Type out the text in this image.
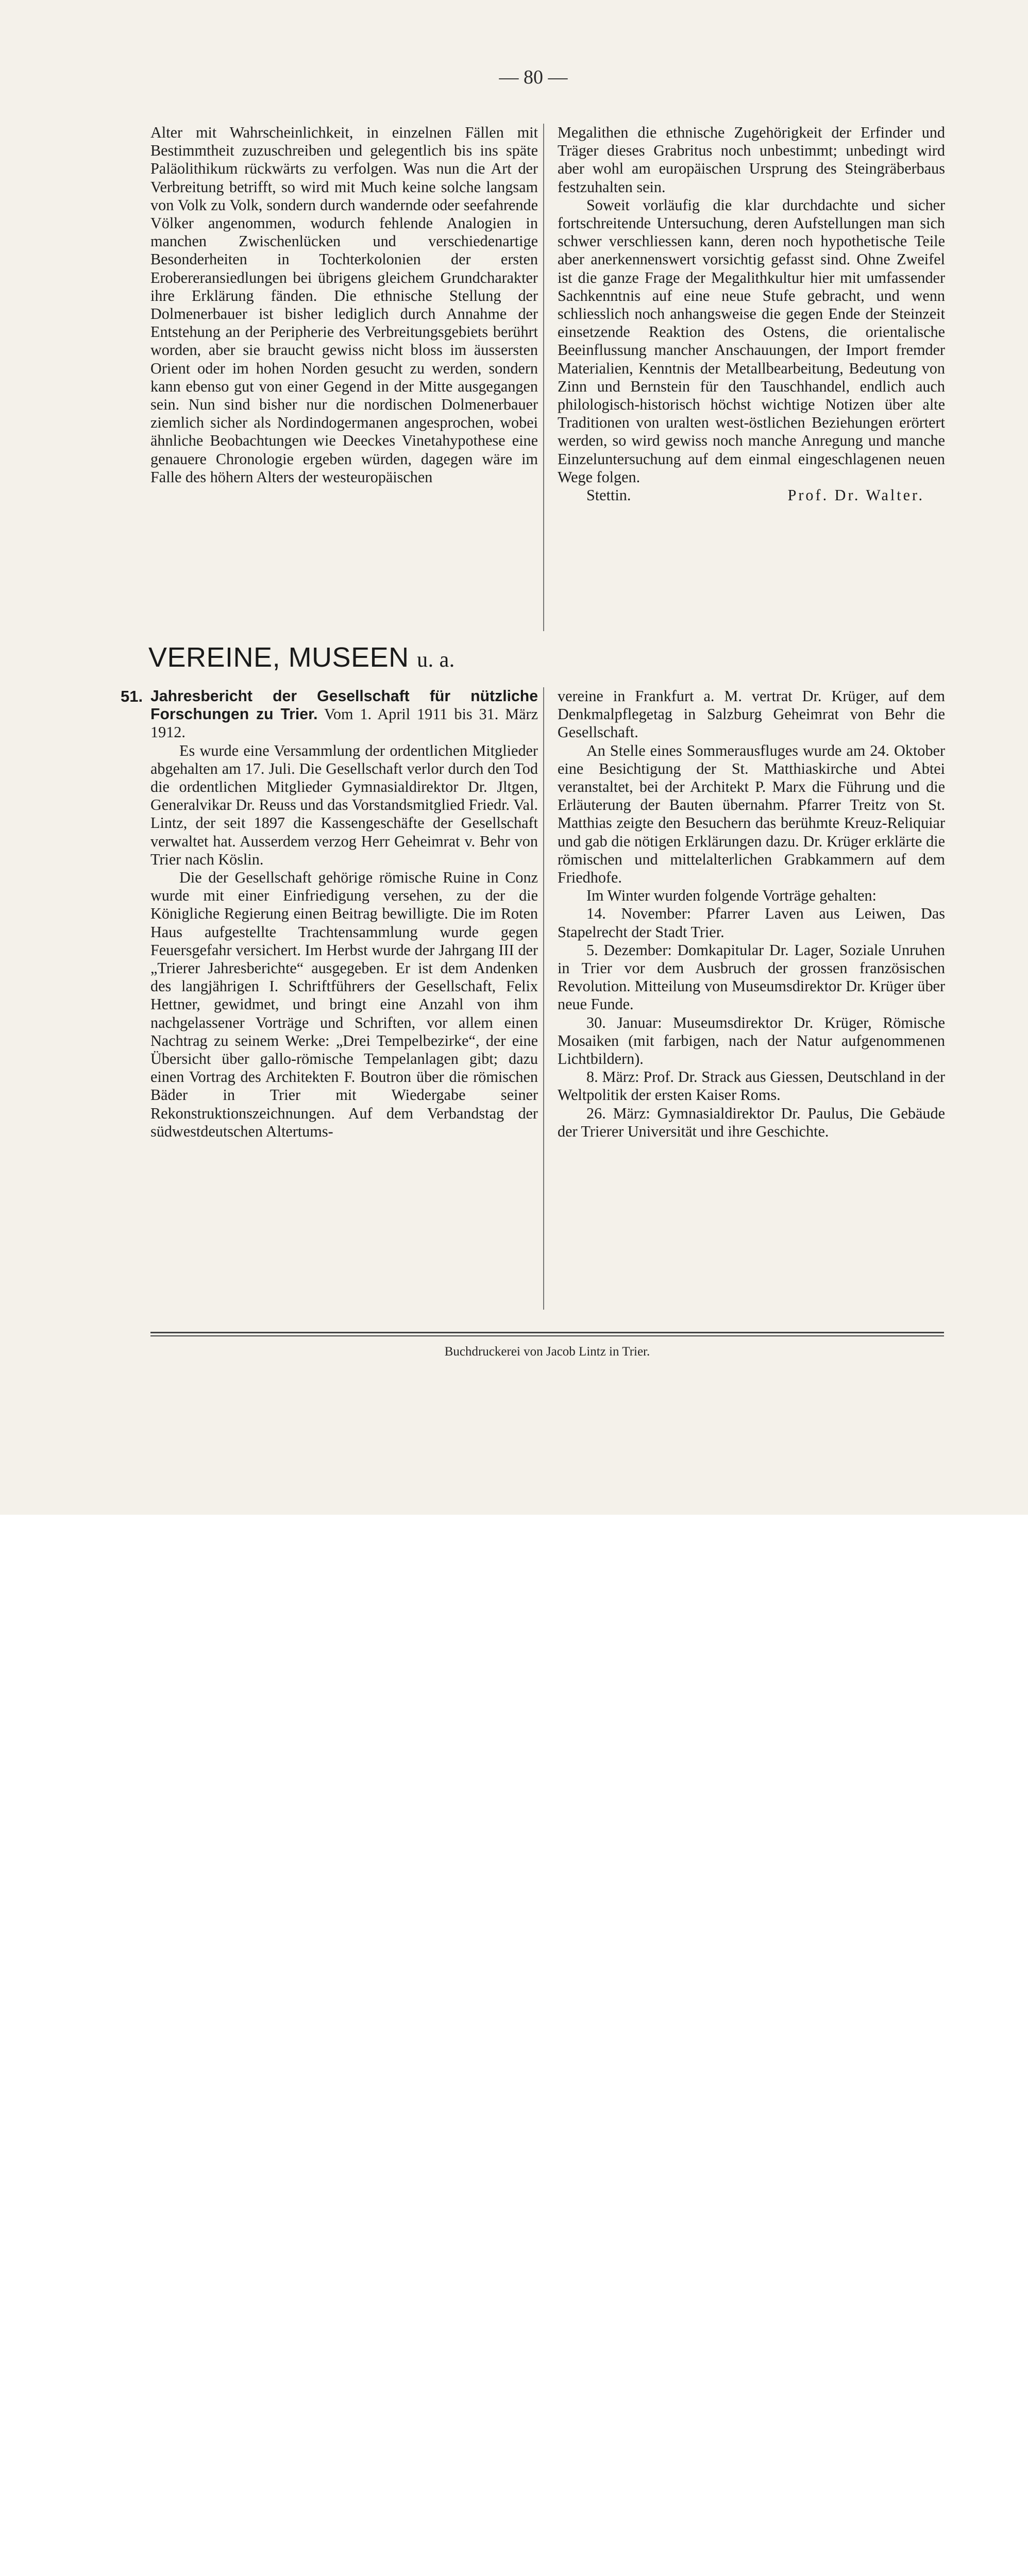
— 80 —

Alter mit Wahrscheinlichkeit, in einzelnen Fällen mit Bestimmtheit zuzuschreiben und gelegentlich bis ins späte Paläolithikum rückwärts zu verfolgen. Was nun die Art der Verbreitung betrifft, so wird mit Much keine solche langsam von Volk zu Volk, sondern durch wandernde oder seefahrende Völker angenommen, wodurch fehlende Analogien in manchen Zwischenlücken und verschiedenartige Besonderheiten in Tochterkolonien der ersten Erobereransiedlungen bei übrigens gleichem Grundcharakter ihre Erklärung fänden. Die ethnische Stellung der Dolmenerbauer ist bisher lediglich durch Annahme der Entstehung an der Peripherie des Verbreitungsgebiets berührt worden, aber sie braucht gewiss nicht bloss im äussersten Orient oder im hohen Norden gesucht zu werden, sondern kann ebenso gut von einer Gegend in der Mitte ausgegangen sein. Nun sind bisher nur die nordischen Dolmenerbauer ziemlich sicher als Nordindogermanen angesprochen, wobei ähnliche Beobachtungen wie Deeckes Vinetahypothese eine genauere Chronologie ergeben würden, dagegen wäre im Falle des höhern Alters der westeuropäischen

Megalithen die ethnische Zugehörigkeit der Erfinder und Träger dieses Grabritus noch unbestimmt; unbedingt wird aber wohl am europäischen Ursprung des Steingräberbaus festzuhalten sein.

Soweit vorläufig die klar durchdachte und sicher fortschreitende Untersuchung, deren Aufstellungen man sich schwer verschliessen kann, deren noch hypothetische Teile aber anerkennenswert vorsichtig gefasst sind. Ohne Zweifel ist die ganze Frage der Megalithkultur hier mit umfassender Sachkenntnis auf eine neue Stufe gebracht, und wenn schliesslich noch anhangsweise die gegen Ende der Steinzeit einsetzende Reaktion des Ostens, die orientalische Beeinflussung mancher Anschauungen, der Import fremder Materialien, Kenntnis der Metallbearbeitung, Bedeutung von Zinn und Bernstein für den Tauschhandel, endlich auch philologisch-historisch höchst wichtige Notizen über alte Traditionen von uralten west-östlichen Beziehungen erörtert werden, so wird gewiss noch manche Anregung und manche Einzeluntersuchung auf dem einmal eingeschlagenen neuen Wege folgen.

Stettin.	Prof. Dr. Walter.
VEREINE, MUSEEN u. a.
51. Jahresbericht der Gesellschaft für nützliche Forschungen zu Trier. Vom 1. April 1911 bis 31. März 1912.

Es wurde eine Versammlung der ordentlichen Mitglieder abgehalten am 17. Juli. Die Gesellschaft verlor durch den Tod die ordentlichen Mitglieder Gymnasialdirektor Dr. Jltgen, Generalvikar Dr. Reuss und das Vorstandsmitglied Friedr. Val. Lintz, der seit 1897 die Kassengeschäfte der Gesellschaft verwaltet hat. Ausserdem verzog Herr Geheimrat v. Behr von Trier nach Köslin.

Die der Gesellschaft gehörige römische Ruine in Conz wurde mit einer Einfriedigung versehen, zu der die Königliche Regierung einen Beitrag bewilligte. Die im Roten Haus aufgestellte Trachtensammlung wurde gegen Feuersgefahr versichert. Im Herbst wurde der Jahrgang III der „Trierer Jahresberichte“ ausgegeben. Er ist dem Andenken des langjährigen I. Schriftführers der Gesellschaft, Felix Hettner, gewidmet, und bringt eine Anzahl von ihm nachgelassener Vorträge und Schriften, vor allem einen Nachtrag zu seinem Werke: „Drei Tempelbezirke“, der eine Übersicht über gallo-römische Tempelanlagen gibt; dazu einen Vortrag des Architekten F. Boutron über die römischen Bäder in Trier mit Wiedergabe seiner Rekonstruktionszeichnungen. Auf dem Verbandstag der südwestdeutschen Altertums-

vereine in Frankfurt a. M. vertrat Dr. Krüger, auf dem Denkmalpflegetag in Salzburg Geheimrat von Behr die Gesellschaft.

An Stelle eines Sommerausfluges wurde am 24. Oktober eine Besichtigung der St. Matthiaskirche und Abtei veranstaltet, bei der Architekt P. Marx die Führung und die Erläuterung der Bauten übernahm. Pfarrer Treitz von St. Matthias zeigte den Besuchern das berühmte Kreuz-Reliquiar und gab die nötigen Erklärungen dazu. Dr. Krüger erklärte die römischen und mittelalterlichen Grabkammern auf dem Friedhofe.

Im Winter wurden folgende Vorträge gehalten:

14. November: Pfarrer Laven aus Leiwen, Das Stapelrecht der Stadt Trier.

5. Dezember: Domkapitular Dr. Lager, Soziale Unruhen in Trier vor dem Ausbruch der grossen französischen Revolution. Mitteilung von Museumsdirektor Dr. Krüger über neue Funde.

30. Januar: Museumsdirektor Dr. Krüger, Römische Mosaiken (mit farbigen, nach der Natur aufgenommenen Lichtbildern).

8. März: Prof. Dr. Strack aus Giessen, Deutschland in der Weltpolitik der ersten Kaiser Roms.

26. März: Gymnasialdirektor Dr. Paulus, Die Gebäude der Trierer Universität und ihre Geschichte.

Buchdruckerei von Jacob Lintz in Trier.
